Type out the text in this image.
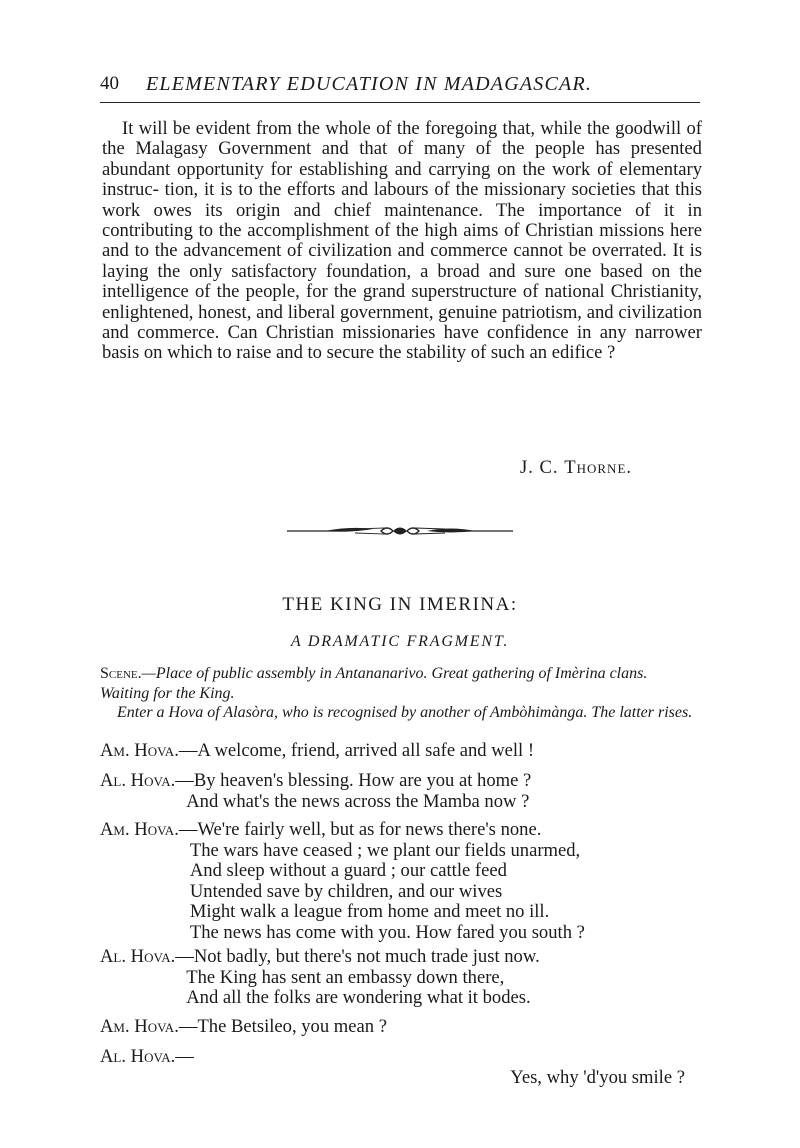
40 ELEMENTARY EDUCATION IN MADAGASCAR.

It will be evident from the whole of the foregoing that, while the goodwill of the Malagasy Government and that of many of the people has presented abundant opportunity for establishing and carrying on the work of elementary instruc- tion, it is to the efforts and labours of the missionary societies that this work owes its origin and chief maintenance. The importance of it in contributing to the accomplishment of the high aims of Christian missions here and to the advancement of civilization and commerce cannot be overrated. It is laying the only satisfactory foundation, a broad and sure one based on the intelligence of the people, for the grand superstructure of national Christianity, enlightened, honest, and liberal government, genuine patriotism, and civilization and commerce. Can Christian missionaries have confidence in any narrower basis on which to raise and to secure the stability of such an edifice ?

J. C. Thorne.
THE KING IN IMERINA:
A DRAMATIC FRAGMENT.
Scene.—Place of public assembly in Antananarivo. Great gathering of Imèrina clans. Waiting for the King.
Enter a Hova of Alasòra, who is recognised by another of Ambòhimànga. The latter rises.
Am. Hova. —A welcome, friend, arrived all safe and well !
Al. Hova. —By heaven's blessing. How are you at home ?
And what's the news across the Mamba now ?
Am. Hova. —We're fairly well, but as for news there's none.
The wars have ceased ; we plant our fields unarmed,
And sleep without a guard ; our cattle feed
Untended save by children, and our wives
Might walk a league from home and meet no ill.
The news has come with you. How fared you south ?
Al. Hova. —Not badly, but there's not much trade just now.
The King has sent an embassy down there,
And all the folks are wondering what it bodes.
Am. Hova. —The Betsileo, you mean ?
Al. Hova. —
Yes, why 'd'you smile ?
